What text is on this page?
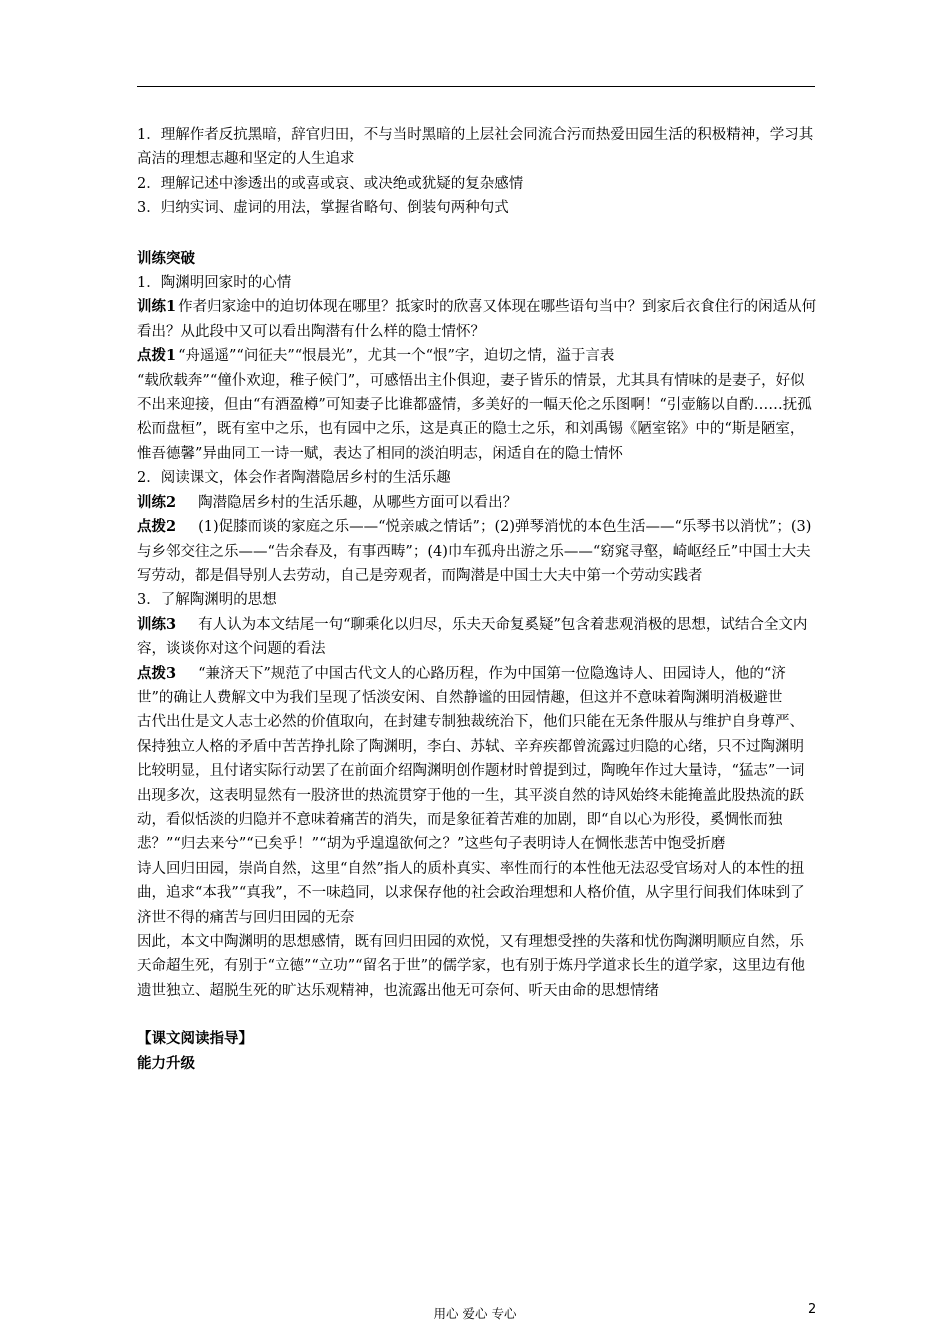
1．理解作者反抗黑暗，辞官归田，不与当时黑暗的上层社会同流合污而热爱田园生活的积极精神，学习其高洁的理想志趣和坚定的人生追求

2．理解记述中渗透出的或喜或哀、或决绝或犹疑的复杂感情

3．归纳实词、虚词的用法，掌握省略句、倒装句两种句式

训练突破

1．陶渊明回家时的心情

训练1 作者归家途中的迫切体现在哪里？抵家时的欣喜又体现在哪些语句当中？到家后衣食住行的闲适从何看出？从此段中又可以看出陶潜有什么样的隐士情怀？

点拨1 “舟遥遥”“问征夫”“恨晨光”，尤其一个“恨”字，迫切之情，溢于言表

“载欣载奔”“僮仆欢迎，稚子候门”，可感悟出主仆俱迎，妻子皆乐的情景，尤其具有情味的是妻子，好似不出来迎接，但由“有酒盈樽”可知妻子比谁都盛情，多美好的一幅天伦之乐图啊！“引壶觞以自酌……抚孤松而盘桓”，既有室中之乐，也有园中之乐，这是真正的隐士之乐，和刘禹锡《陋室铭》中的“斯是陋室，惟吾德馨”异曲同工一诗一赋，表达了相同的淡泊明志，闲适自在的隐士情怀

2．阅读课文，体会作者陶潜隐居乡村的生活乐趣

训练2 陶潜隐居乡村的生活乐趣，从哪些方面可以看出？

点拨2 (1)促膝而谈的家庭之乐——“悦亲戚之情话”；(2)弹琴消忧的本色生活——“乐琴书以消忧”；(3)与乡邻交往之乐——“告余春及，有事西畴”；(4)巾车孤舟出游之乐——“窈窕寻壑，崎岖经丘”中国士大夫写劳动，都是倡导别人去劳动，自己是旁观者，而陶潜是中国士大夫中第一个劳动实践者

3．了解陶渊明的思想

训练3 有人认为本文结尾一句“聊乘化以归尽，乐夫天命复奚疑”包含着悲观消极的思想，试结合全文内容，谈谈你对这个问题的看法

点拨3 “兼济天下”规范了中国古代文人的心路历程，作为中国第一位隐逸诗人、田园诗人，他的“济世”的确让人费解文中为我们呈现了恬淡安闲、自然静谧的田园情趣，但这并不意味着陶渊明消极避世

古代出仕是文人志士必然的价值取向，在封建专制独裁统治下，他们只能在无条件服从与维护自身尊严、保持独立人格的矛盾中苦苦挣扎除了陶渊明，李白、苏轼、辛弃疾都曾流露过归隐的心绪，只不过陶渊明比较明显，且付诸实际行动罢了在前面介绍陶渊明创作题材时曾提到过，陶晚年作过大量诗，“猛志”一词出现多次，这表明显然有一股济世的热流贯穿于他的一生，其平淡自然的诗风始终未能掩盖此股热流的跃动，看似恬淡的归隐并不意味着痛苦的消失，而是象征着苦难的加剧，即“自以心为形役，奚惆怅而独悲？”“归去来兮”“已矣乎！”“胡为乎遑遑欲何之？”这些句子表明诗人在惆怅悲苦中饱受折磨

诗人回归田园，崇尚自然，这里“自然”指人的质朴真实、率性而行的本性他无法忍受官场对人的本性的扭曲，追求“本我”“真我”，不一味趋同，以求保存他的社会政治理想和人格价值，从字里行间我们体味到了济世不得的痛苦与回归田园的无奈

因此，本文中陶渊明的思想感情，既有回归田园的欢悦，又有理想受挫的失落和忧伤陶渊明顺应自然，乐天命超生死，有别于“立德”“立功”“留名于世”的儒学家，也有别于炼丹学道求长生的道学家，这里边有他遗世独立、超脱生死的旷达乐观精神，也流露出他无可奈何、听天由命的思想情绪

【课文阅读指导】

能力升级

用心 爱心 专心	2
